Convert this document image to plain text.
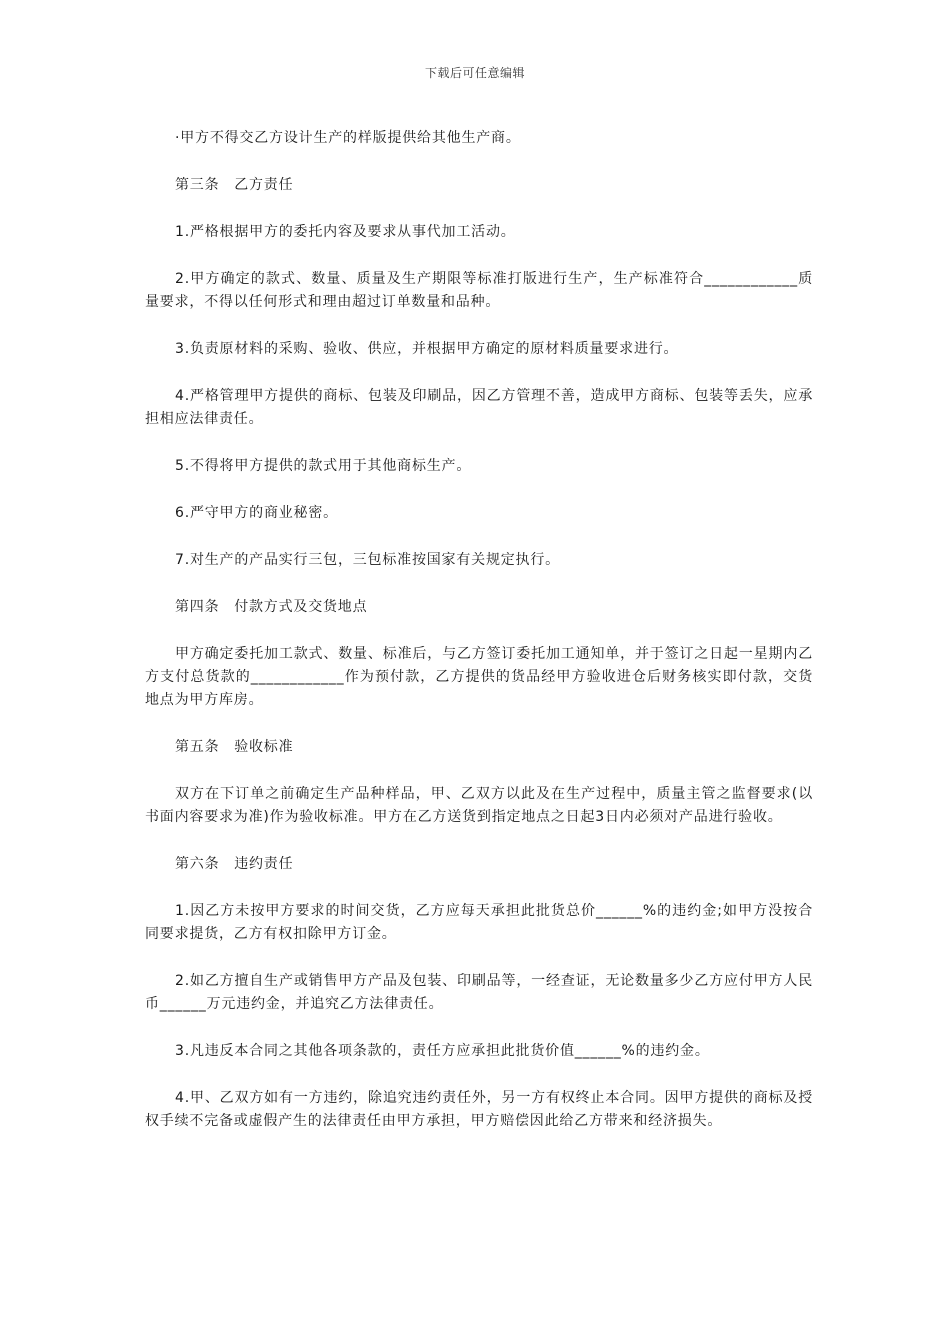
下载后可任意编辑

·甲方不得交乙方设计生产的样版提供给其他生产商。

第三条　乙方责任

1.严格根据甲方的委托内容及要求从事代加工活动。

2.甲方确定的款式、数量、质量及生产期限等标准打版进行生产，生产标准符合____________质量要求，不得以任何形式和理由超过订单数量和品种。

3.负责原材料的采购、验收、供应，并根据甲方确定的原材料质量要求进行。

4.严格管理甲方提供的商标、包装及印刷品，因乙方管理不善，造成甲方商标、包装等丢失，应承担相应法律责任。

5.不得将甲方提供的款式用于其他商标生产。

6.严守甲方的商业秘密。

7.对生产的产品实行三包，三包标准按国家有关规定执行。

第四条　付款方式及交货地点

甲方确定委托加工款式、数量、标准后，与乙方签订委托加工通知单，并于签订之日起一星期内乙方支付总货款的____________作为预付款，乙方提供的货品经甲方验收进仓后财务核实即付款，交货地点为甲方库房。

第五条　验收标准

双方在下订单之前确定生产品种样品，甲、乙双方以此及在生产过程中，质量主管之监督要求(以书面内容要求为准)作为验收标准。甲方在乙方送货到指定地点之日起3日内必须对产品进行验收。

第六条　违约责任

1.因乙方未按甲方要求的时间交货，乙方应每天承担此批货总价______%的违约金;如甲方没按合同要求提货，乙方有权扣除甲方订金。

2.如乙方擅自生产或销售甲方产品及包装、印刷品等，一经查证，无论数量多少乙方应付甲方人民币______万元违约金，并追究乙方法律责任。

3.凡违反本合同之其他各项条款的，责任方应承担此批货价值______%的违约金。

4.甲、乙双方如有一方违约，除追究违约责任外，另一方有权终止本合同。因甲方提供的商标及授权手续不完备或虚假产生的法律责任由甲方承担，甲方赔偿因此给乙方带来和经济损失。
